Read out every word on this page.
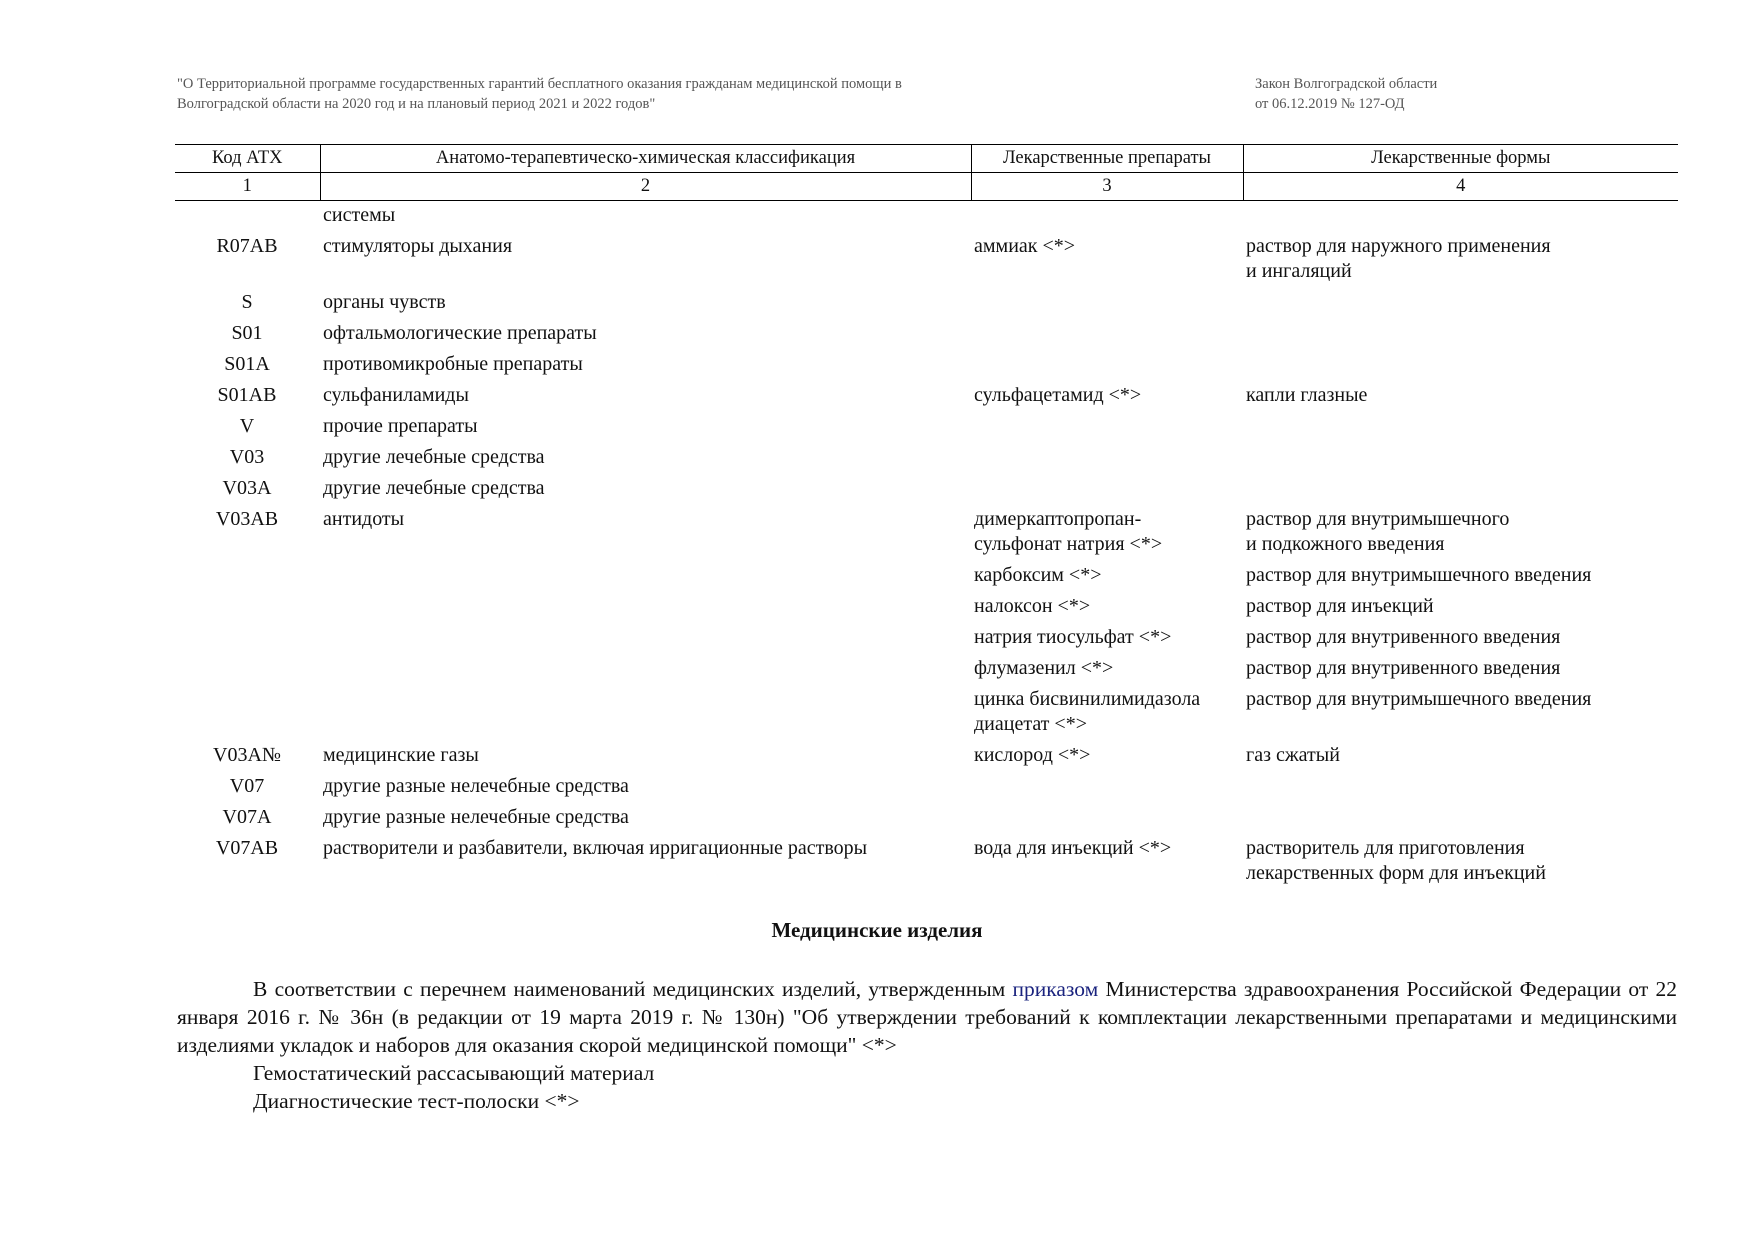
"О Территориальной программе государственных гарантий бесплатного оказания гражданам медицинской помощи в
Волгоградской области на 2020 год и на плановый период 2021 и 2022 годов"
Закон Волгоградской области
от 06.12.2019 № 127-ОД
Код АТХ	Анатомо-терапевтическо-химическая классификация	Лекарственные препараты	Лекарственные формы
1	2	3	4
	системы		
R07AB	стимуляторы дыхания	аммиак <*>	раствор для наружного применения
и ингаляций
S	органы чувств		
S01	офтальмологические препараты		
S01A	противомикробные препараты		
S01AB	сульфаниламиды	сульфацетамид <*>	капли глазные
V	прочие препараты		
V03	другие лечебные средства		
V03A	другие лечебные средства		
V03AB	антидоты	димеркаптопропан-
сульфонат натрия <*>	раствор для внутримышечного
и подкожного введения
		карбоксим <*>	раствор для внутримышечного введения
		налоксон <*>	раствор для инъекций
		натрия тиосульфат <*>	раствор для внутривенного введения
		флумазенил <*>	раствор для внутривенного введения
		цинка бисвинилимидазола
диацетат <*>	раствор для внутримышечного введения
V03A№	медицинские газы	кислород <*>	газ сжатый
V07	другие разные нелечебные средства		
V07A	другие разные нелечебные средства		
V07AB	растворители и разбавители, включая ирригационные растворы	вода для инъекций <*>	растворитель для приготовления
лекарственных форм для инъекций
Медицинские изделия

В соответствии с перечнем наименований медицинских изделий, утвержденным приказом Министерства здравоохранения Российской Федерации от 22 января 2016 г. № 36н (в редакции от 19 марта 2019 г. № 130н) "Об утверждении требований к комплектации лекарственными препаратами и медицинскими изделиями укладок и наборов для оказания скорой медицинской помощи" <*>

Гемостатический рассасывающий материал

Диагностические тест-полоски <*>
